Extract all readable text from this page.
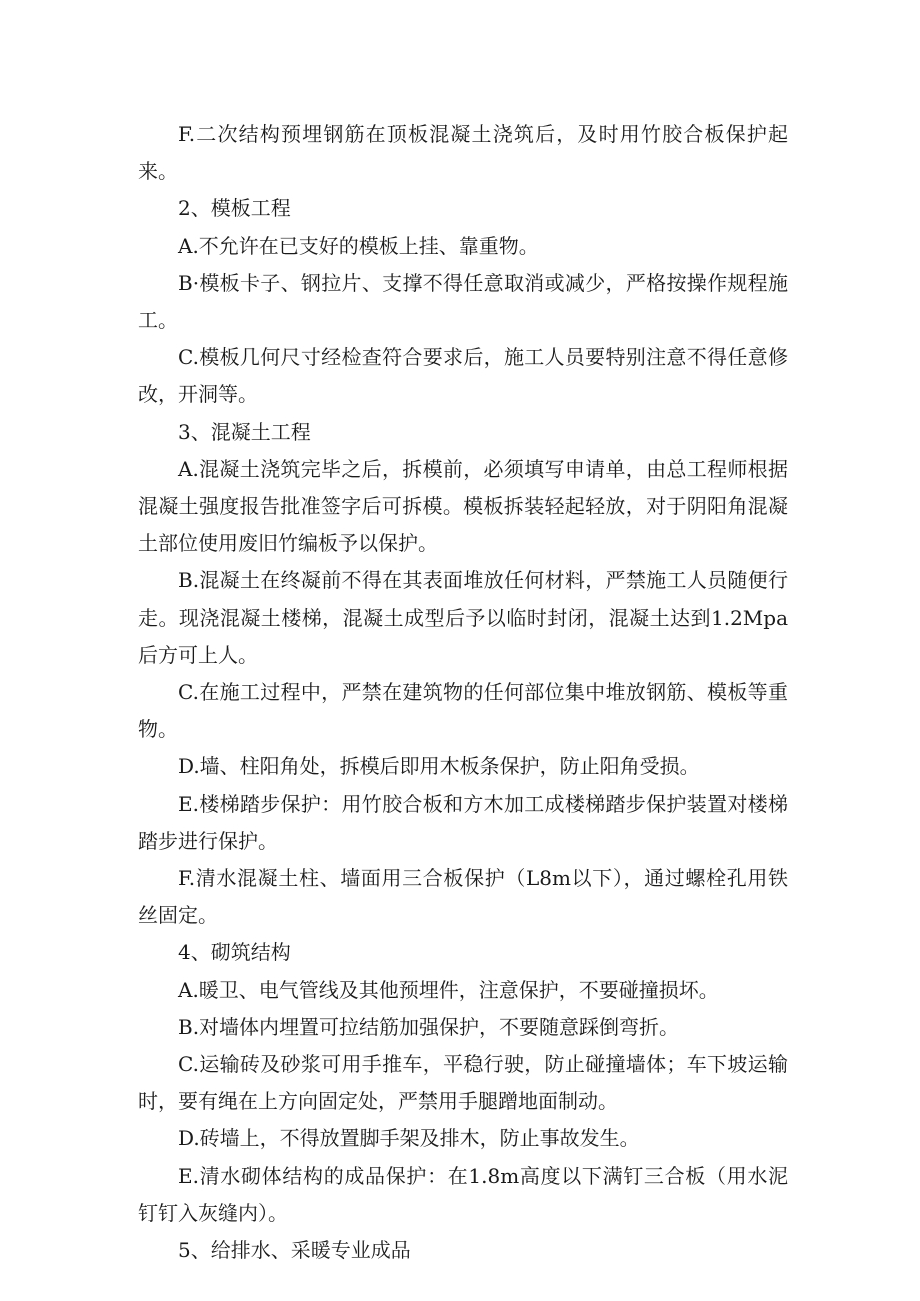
F.二次结构预埋钢筋在顶板混凝土浇筑后，及时用竹胶合板保护起来。

2、模板工程

A.不允许在已支好的模板上挂、靠重物。

B·模板卡子、钢拉片、支撑不得任意取消或减少，严格按操作规程施工。

C.模板几何尺寸经检查符合要求后，施工人员要特别注意不得任意修改，开洞等。

3、混凝土工程

A.混凝土浇筑完毕之后，拆模前，必须填写申请单，由总工程师根据混凝土强度报告批准签字后可拆模。模板拆装轻起轻放，对于阴阳角混凝土部位使用废旧竹编板予以保护。

B.混凝土在终凝前不得在其表面堆放任何材料，严禁施工人员随便行走。现浇混凝土楼梯，混凝土成型后予以临时封闭，混凝土达到1.2Mpa后方可上人。

C.在施工过程中，严禁在建筑物的任何部位集中堆放钢筋、模板等重物。

D.墙、柱阳角处，拆模后即用木板条保护，防止阳角受损。

E.楼梯踏步保护：用竹胶合板和方木加工成楼梯踏步保护装置对楼梯踏步进行保护。

F.清水混凝土柱、墙面用三合板保护（L8m以下），通过螺栓孔用铁丝固定。

4、砌筑结构

A.暖卫、电气管线及其他预埋件，注意保护，不要碰撞损坏。

B.对墙体内埋置可拉结筋加强保护，不要随意踩倒弯折。

C.运输砖及砂浆可用手推车，平稳行驶，防止碰撞墙体；车下坡运输时，要有绳在上方向固定处，严禁用手腿蹭地面制动。

D.砖墙上，不得放置脚手架及排木，防止事故发生。

E.清水砌体结构的成品保护：在1.8m高度以下满钉三合板（用水泥钉钉入灰缝内）。

5、给排水、采暖专业成品
